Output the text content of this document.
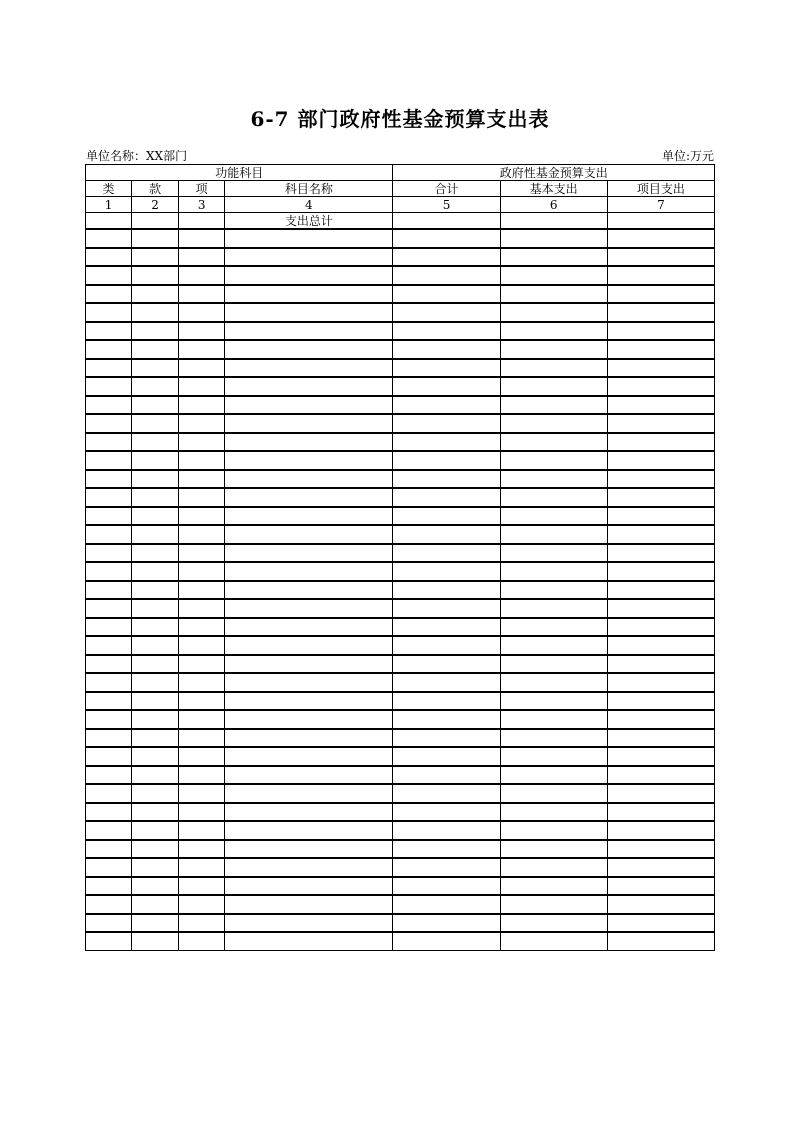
6-7 部门政府性基金预算支出表
单位名称：XX部门	单位:万元
功能科目				政府性基金预算支出		
类	款	项	科目名称	合计	基本支出	项目支出
1	2	3	4	5	6	7
			支出总计			
